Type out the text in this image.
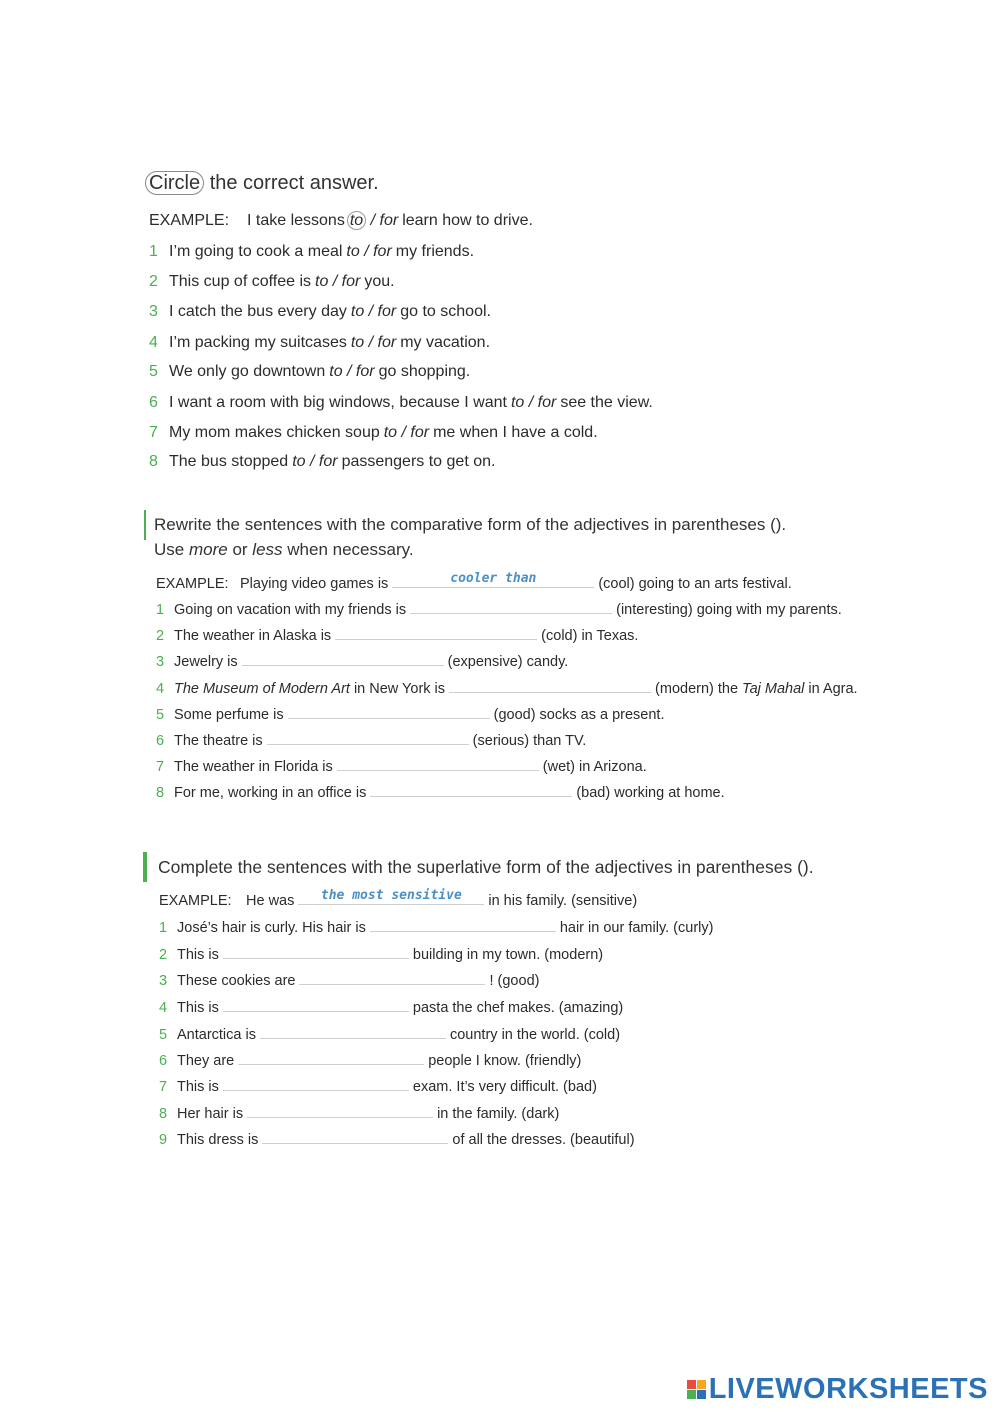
Circle the correct answer.
EXAMPLE:	I take lessons to / for learn how to drive.
1 I’m going to cook a meal to / for my friends.
2 This cup of coffee is to / for you.
3 I catch the bus every day to / for go to school.
4 I’m packing my suitcases to / for my vacation.
5 We only go downtown to / for go shopping.
6 I want a room with big windows, because I want to / for see the view.
7 My mom makes chicken soup to / for me when I have a cold.
8 The bus stopped to / for passengers to get on.
Rewrite the sentences with the comparative form of the adjectives in parentheses ().
Use more or less when necessary.
EXAMPLE: Playing video games is	cooler than	(cool) going to an arts festival.
1 Going on vacation with my friends is	(interesting) going with my parents.
2 The weather in Alaska is	(cold) in Texas.
3 Jewelry is	(expensive) candy.
4 The Museum of Modern Art in New York is	(modern) the Taj Mahal in Agra.
5 Some perfume is	(good) socks as a present.
6 The theatre is	(serious) than TV.
7 The weather in Florida is	(wet) in Arizona.
8 For me, working in an office is	(bad) working at home.
Complete the sentences with the superlative form of the adjectives in parentheses ().
EXAMPLE: He was	the most sensitive	in his family. (sensitive)
1 José’s hair is curly. His hair is	hair in our family. (curly)
2 This is	building in my town. (modern)
3 These cookies are	! (good)
4 This is	pasta the chef makes. (amazing)
5 Antarctica is	country in the world. (cold)
6 They are	people I know. (friendly)
7 This is	exam. It’s very difficult. (bad)
8 Her hair is	in the family. (dark)
9 This dress is	of all the dresses. (beautiful)
LIVEWORKSHEETS
